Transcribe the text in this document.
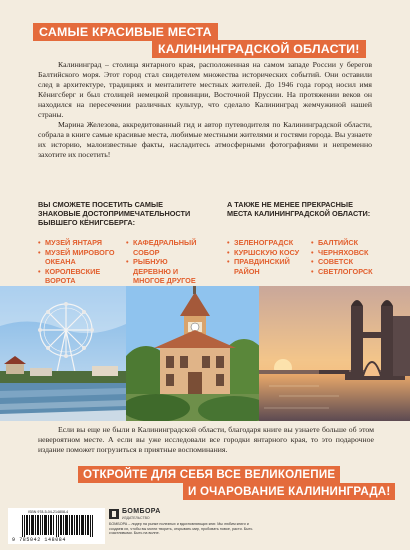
САМЫЕ КРАСИВЫЕ МЕСТА
КАЛИНИНГРАДСКОЙ ОБЛАСТИ!

Калининград – столица янтарного края, расположенная на самом западе России у берегов Балтийского моря. Этот город стал свидетелем множества исторических событий. Они оставили след в архитектуре, традициях и менталитете местных жителей. До 1946 года город носил имя Кёнигсберг и был столицей немецкой провинции, Восточной Пруссии. На протяжении веков он находился на пересечении различных культур, что сделало Калининград жемчужиной нашей страны.

Марина Железова, аккредитованный гид и автор путеводителя по Калининградской области, собрала в книге самые красивые места, любимые местными жителями и гостями города. Вы узнаете их историю, малоизвестные факты, насладитесь атмосферными фотографиями и непременно захотите их посетить!

ВЫ СМОЖЕТЕ ПОСЕТИТЬ САМЫЕ ЗНАКОВЫЕ ДОСТОПРИМЕЧАТЕЛЬНОСТИ БЫВШЕГО КЁНИГСБЕРГА:
А ТАКЖЕ НЕ МЕНЕЕ ПРЕКРАСНЫЕ МЕСТА КАЛИНИНГРАДСКОЙ ОБЛАСТИ:
• МУЗЕЙ ЯНТАРЯ
• МУЗЕЙ МИРОВОГО ОКЕАНА
• КОРОЛЕВСКИЕ ВОРОТА
• КАФЕДРАЛЬНЫЙ СОБОР
• РЫБНУЮ ДЕРЕВНЮ И МНОГОЕ ДРУГОЕ
• ЗЕЛЕНОГРАДСК
• КУРШСКУЮ КОСУ
• ПРАВДИНСКИЙ РАЙОН
• БАЛТИЙСК
• ЧЕРНЯХОВСК
• СОВЕТСК
• СВЕТЛОГОРСК

Если вы еще не были в Калининградской области, благодаря книге вы узнаете больше об этом невероятном месте. А если вы уже исследовали все городки янтарного края, то это подарочное издание поможет погрузиться в приятные воспоминания.

ОТКРОЙТЕ ДЛЯ СЕБЯ ВСЕ ВЕЛИКОЛЕПИЕ
И ОЧАРОВАНИЕ КАЛИНИНГРАДА!
ISBN 978-5-04-214808-4
9 785042 148084
БОМБОРА
ИЗДАТЕЛЬСТВО
БОМБОРА – лидер на рынке полезных и вдохновляющих книг. Мы любим книги и создаем их, чтобы вы могли творить, открывать мир, пробовать новое, расти. Быть счастливыми. Быть на волне.
